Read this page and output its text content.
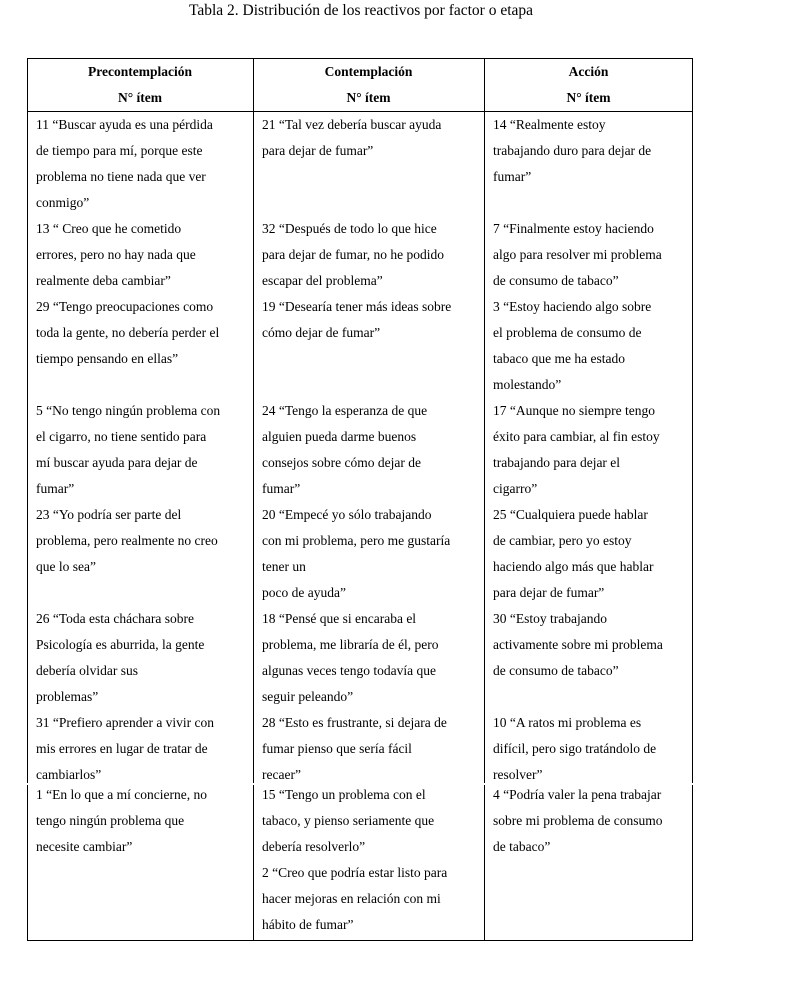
Tabla 2. Distribución de los reactivos por factor o etapa
Precontemplación
N° ítem
Contemplación
N° ítem
Acción
N° ítem
11 “Buscar ayuda es una pérdida
de tiempo para mí, porque este
problema no tiene nada que ver
conmigo”
13 “ Creo que he cometido
errores, pero no hay nada que
realmente deba cambiar”
29 “Tengo preocupaciones como
toda la gente, no debería perder el
tiempo pensando en ellas”
5 “No tengo ningún problema con
el cigarro, no tiene sentido para
mí buscar ayuda para dejar de
fumar”
23 “Yo podría ser parte del
problema, pero realmente no creo
que lo sea”
26 “Toda esta cháchara sobre
Psicología es aburrida, la gente
debería olvidar sus
problemas”
31 “Prefiero aprender a vivir con
mis errores en lugar de tratar de
cambiarlos”
1 “En lo que a mí concierne, no
tengo ningún problema que
necesite cambiar”
21 “Tal vez debería buscar ayuda
para dejar de fumar”
32 “Después de todo lo que hice
para dejar de fumar, no he podido
escapar del problema”
19 “Desearía tener más ideas sobre
cómo dejar de fumar”
24 “Tengo la esperanza de que
alguien pueda darme buenos
consejos sobre cómo dejar de
fumar”
20 “Empecé yo sólo trabajando
con mi problema, pero me gustaría
tener un
poco de ayuda”
18 “Pensé que si encaraba el
problema, me libraría de él, pero
algunas veces tengo todavía que
seguir peleando”
28 “Esto es frustrante, si dejara de
fumar pienso que sería fácil
recaer”
15 “Tengo un problema con el
tabaco, y pienso seriamente que
debería resolverlo”
2 “Creo que podría estar listo para
hacer mejoras en relación con mi
hábito de fumar”
14 “Realmente estoy
trabajando duro para dejar de
fumar”
7 “Finalmente estoy haciendo
algo para resolver mi problema
de consumo de tabaco”
3 “Estoy haciendo algo sobre
el problema de consumo de
tabaco que me ha estado
molestando”
17 “Aunque no siempre tengo
éxito para cambiar, al fin estoy
trabajando para dejar el
cigarro”
25 “Cualquiera puede hablar
de cambiar, pero yo estoy
haciendo algo más que hablar
para dejar de fumar”
30 “Estoy trabajando
activamente sobre mi problema
de consumo de tabaco”
10 “A ratos mi problema es
difícil, pero sigo tratándolo de
resolver”
4 “Podría valer la pena trabajar
sobre mi problema de consumo
de tabaco”
